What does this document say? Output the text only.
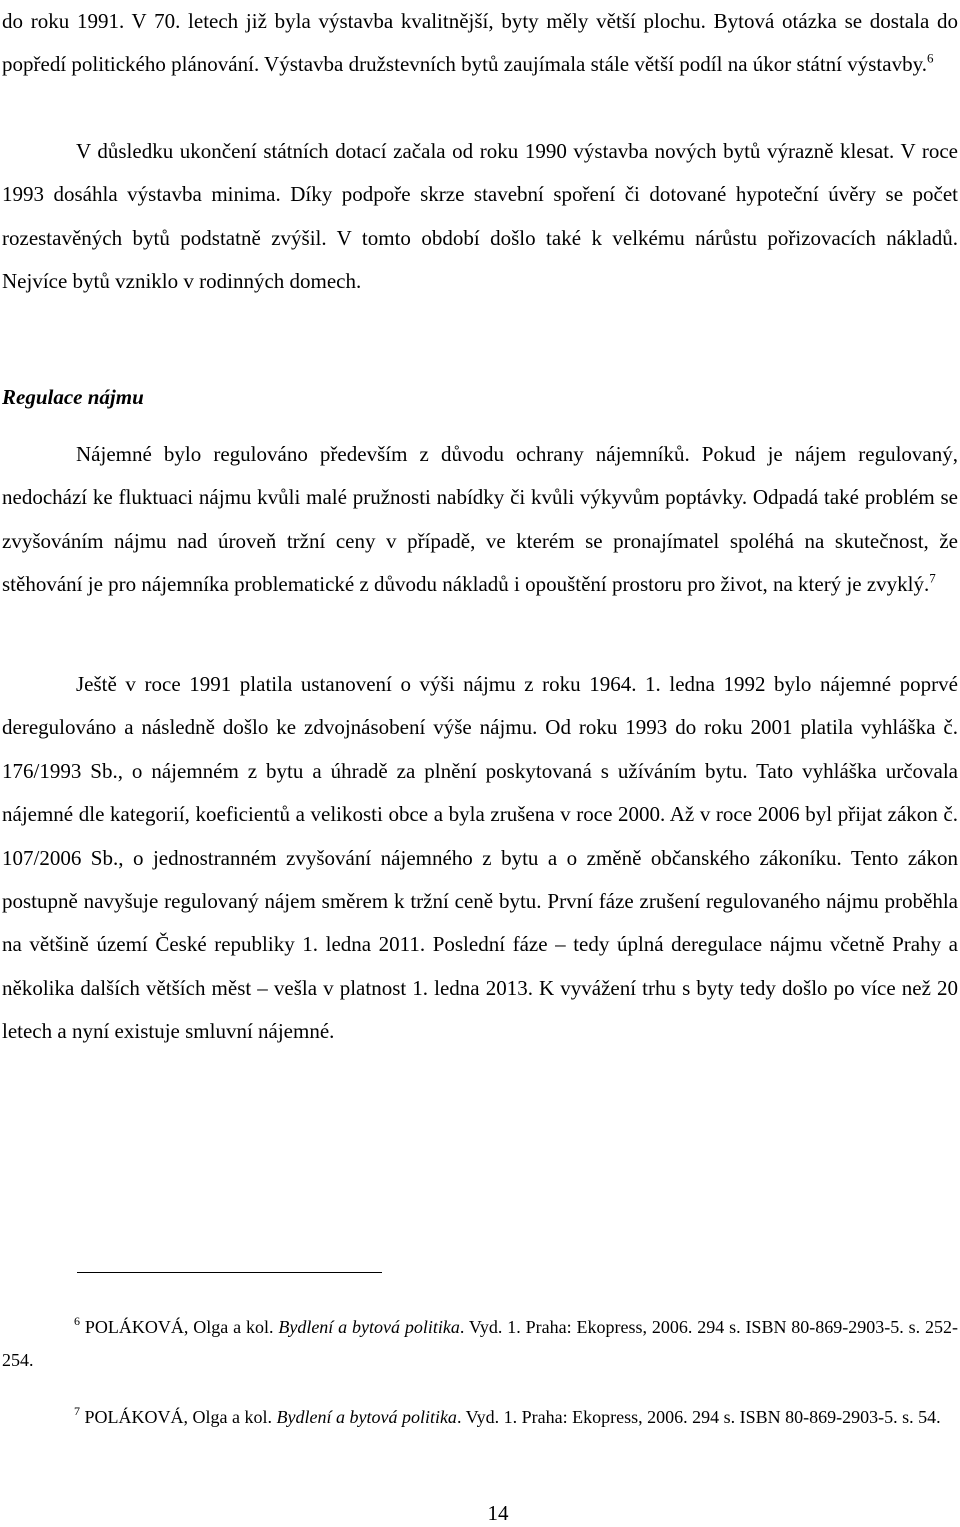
do roku 1991. V 70. letech již byla výstavba kvalitnější, byty měly větší plochu. Bytová otázka se dostala do popředí politického plánování. Výstavba družstevních bytů zaujímala stále větší podíl na úkor státní výstavby.$^6$

V důsledku ukončení státních dotací začala od roku 1990 výstavba nových bytů výrazně klesat. V roce 1993 dosáhla výstavba minima. Díky podpoře skrze stavební spoření či dotované hypoteční úvěry se počet rozestavěných bytů podstatně zvýšil. V tomto období došlo také k velkému nárůstu pořizovacích nákladů. Nejvíce bytů vzniklo v rodinných domech.

Regulace nájmu

Nájemné bylo regulováno především z důvodu ochrany nájemníků. Pokud je nájem regulovaný, nedochází ke fluktuaci nájmu kvůli malé pružnosti nabídky či kvůli výkyvům poptávky. Odpadá také problém se zvyšováním nájmu nad úroveň tržní ceny v případě, ve kterém se pronajímatel spoléhá na skutečnost, že stěhování je pro nájemníka problematické z důvodu nákladů i opouštění prostoru pro život, na který je zvyklý.$^7$

Ještě v roce 1991 platila ustanovení o výši nájmu z roku 1964. 1. ledna 1992 bylo nájemné poprvé deregulováno a následně došlo ke zdvojnásobení výše nájmu. Od roku 1993 do roku 2001 platila vyhláška č. 176/1993 Sb., o nájemném z bytu a úhradě za plnění poskytovaná s užíváním bytu. Tato vyhláška určovala nájemné dle kategorií, koeficientů a velikosti obce a byla zrušena v roce 2000. Až v roce 2006 byl přijat zákon č. 107/2006 Sb., o jednostranném zvyšování nájemného z bytu a o změně občanského zákoníku. Tento zákon postupně navyšuje regulovaný nájem směrem k tržní ceně bytu. První fáze zrušení regulovaného nájmu proběhla na většině území České republiky 1. ledna 2011. Poslední fáze – tedy úplná deregulace nájmu včetně Prahy a několika dalších větších měst – vešla v platnost 1. ledna 2013. K vyvážení trhu s byty tedy došlo po více než 20 letech a nyní existuje smluvní nájemné.

$^6$ POLÁKOVÁ, Olga a kol. Bydlení a bytová politika. Vyd. 1. Praha: Ekopress, 2006. 294 s. ISBN 80-869-2903-5. s. 252-254.

$^7$ POLÁKOVÁ, Olga a kol. Bydlení a bytová politika. Vyd. 1. Praha: Ekopress, 2006. 294 s. ISBN 80-869-2903-5. s. 54.

14
